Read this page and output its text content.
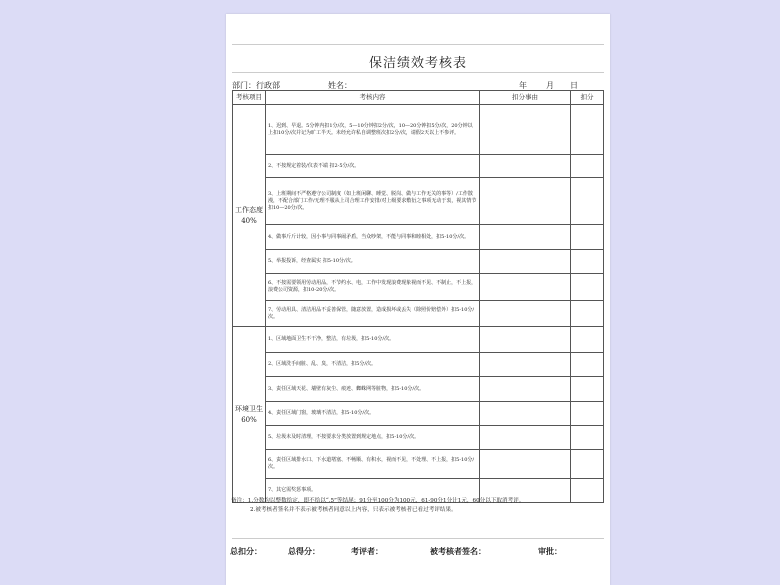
保洁绩效考核表
部门：行政部	姓名：	年 月 日
考核项目	考核内容	扣分事由	扣分
工作态度
40%	1、迟到、早退。5分钟内扣1分/次，5—10分钟扣2分/次，10—20分钟扣5分/次，20分钟以上扣10分/次并记为旷工半天。未经允许私自调整班次扣2分/次，请假2天以上不参评。		
	2、不按规定着装/仪表不端 扣2-5分/次。		
	3、上班期间不严格遵守公司制度（如上班闲聊、睡觉、脱岗、做与工作无关的事等）/工作散漫，不配合部门工作/无理不服从上司合理工作安排/对上级要求敷衍之事项无动于衷，视其情节扣10—20分/次。		
	4、做事斤斤计较，因小事与同事闹矛盾，当众吵架，不能与同事和睦相处，扣5-10分/次。		
	5、举报投诉，经查属实 扣5-10分/次。		
	6、不按需要领用劳动用品，不节约水、电，工作中发现浪费现象视而不见、不制止，不上报，浪费公司资源，扣10-20分/次。		
	7、劳动用具、清洁用品不妥善保管，随意放置，造成损坏或丢失（除照价赔偿外）扣5-10分/次。		
环境卫生
60%	1、区域地面卫生不干净，整洁，有垃圾，扣5-10分/次。		
	2、区域洗手间脏、乱、臭，不清洁，扣5分/次。		
	3、责任区域天花、墙壁有灰尘、痕迹、蜘蛛网等脏物，扣5-10分/次。		
	4、责任区域门窗，玻璃不清洁，扣5-10分/次。		
	5、垃圾未及时清理，不按要求分类放置到规定地点，扣5-10分/次。		
	6、责任区域排水口、下水道堵塞、不畅顺、有积水，视而不见，不处理、不上报，扣5-10分/次。		
	7、其它需奖惩事项。		
备注：1.分数均以整数给定，即不给以“.5”等结尾；91分至100分为100元，61-90分1分计1元，60分以下取消考评。
2.被考核者签名并不表示被考核者同意以上内容，只表示被考核者已看过考评结果。
总扣分：	总得分：	考评者：	被考核者签名：	审批：
